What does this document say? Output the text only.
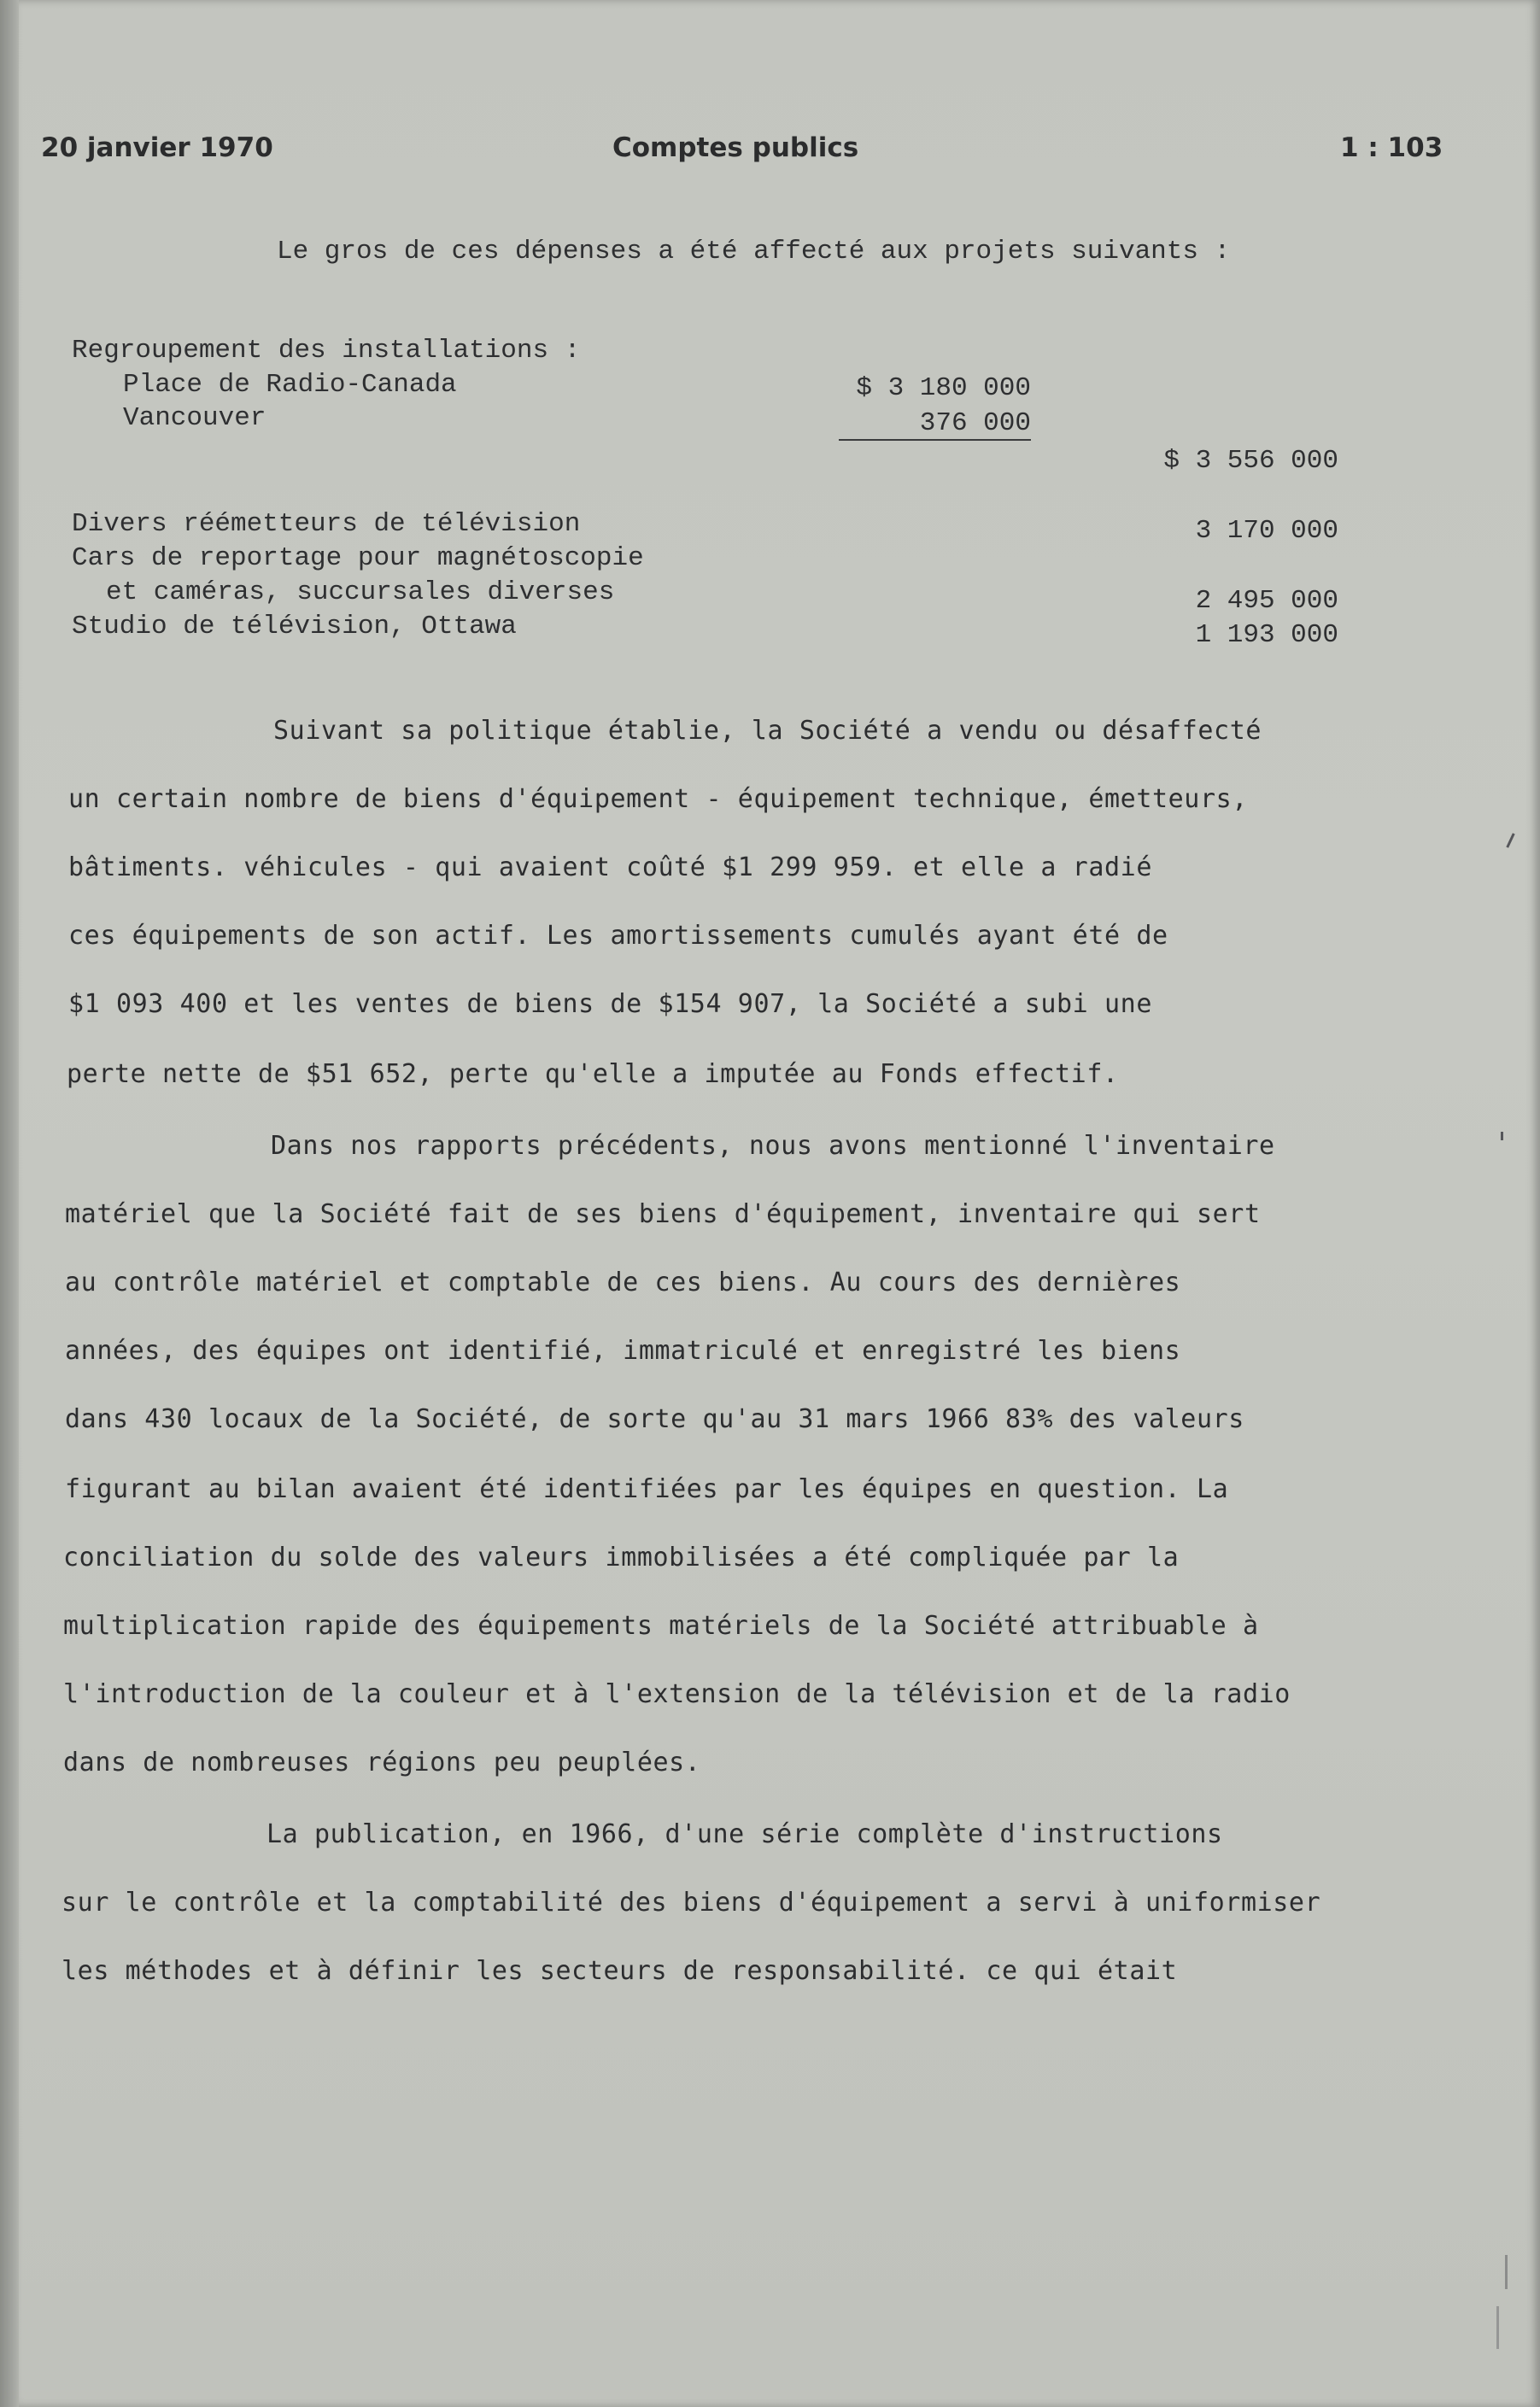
20 janvier 1970	Comptes publics	1 : 103
Le gros de ces dépenses a été affecté aux projets suivants :
Regroupement des installations :
Place de Radio-Canada	$ 3 180 000
Vancouver	376 000
$ 3 556 000
Divers réémetteurs de télévision	3 170 000
Cars de reportage pour magnétoscopie
et caméras, succursales diverses	2 495 000
Studio de télévision, Ottawa	1 193 000
Suivant sa politique établie, la Société a vendu ou désaffecté
un certain nombre de biens d'équipement - équipement technique, émetteurs,
bâtiments. véhicules - qui avaient coûté $1 299 959. et elle a radié
ces équipements de son actif. Les amortissements cumulés ayant été de
$1 093 400 et les ventes de biens de $154 907, la Société a subi une
perte nette de $51 652, perte qu'elle a imputée au Fonds effectif.
Dans nos rapports précédents, nous avons mentionné l'inventaire
matériel que la Société fait de ses biens d'équipement, inventaire qui sert
au contrôle matériel et comptable de ces biens. Au cours des dernières
années, des équipes ont identifié, immatriculé et enregistré les biens
dans 430 locaux de la Société, de sorte qu'au 31 mars 1966 83% des valeurs
figurant au bilan avaient été identifiées par les équipes en question. La
conciliation du solde des valeurs immobilisées a été compliquée par la
multiplication rapide des équipements matériels de la Société attribuable à
l'introduction de la couleur et à l'extension de la télévision et de la radio
dans de nombreuses régions peu peuplées.
La publication, en 1966, d'une série complète d'instructions
sur le contrôle et la comptabilité des biens d'équipement a servi à uniformiser
les méthodes et à définir les secteurs de responsabilité. ce qui était
